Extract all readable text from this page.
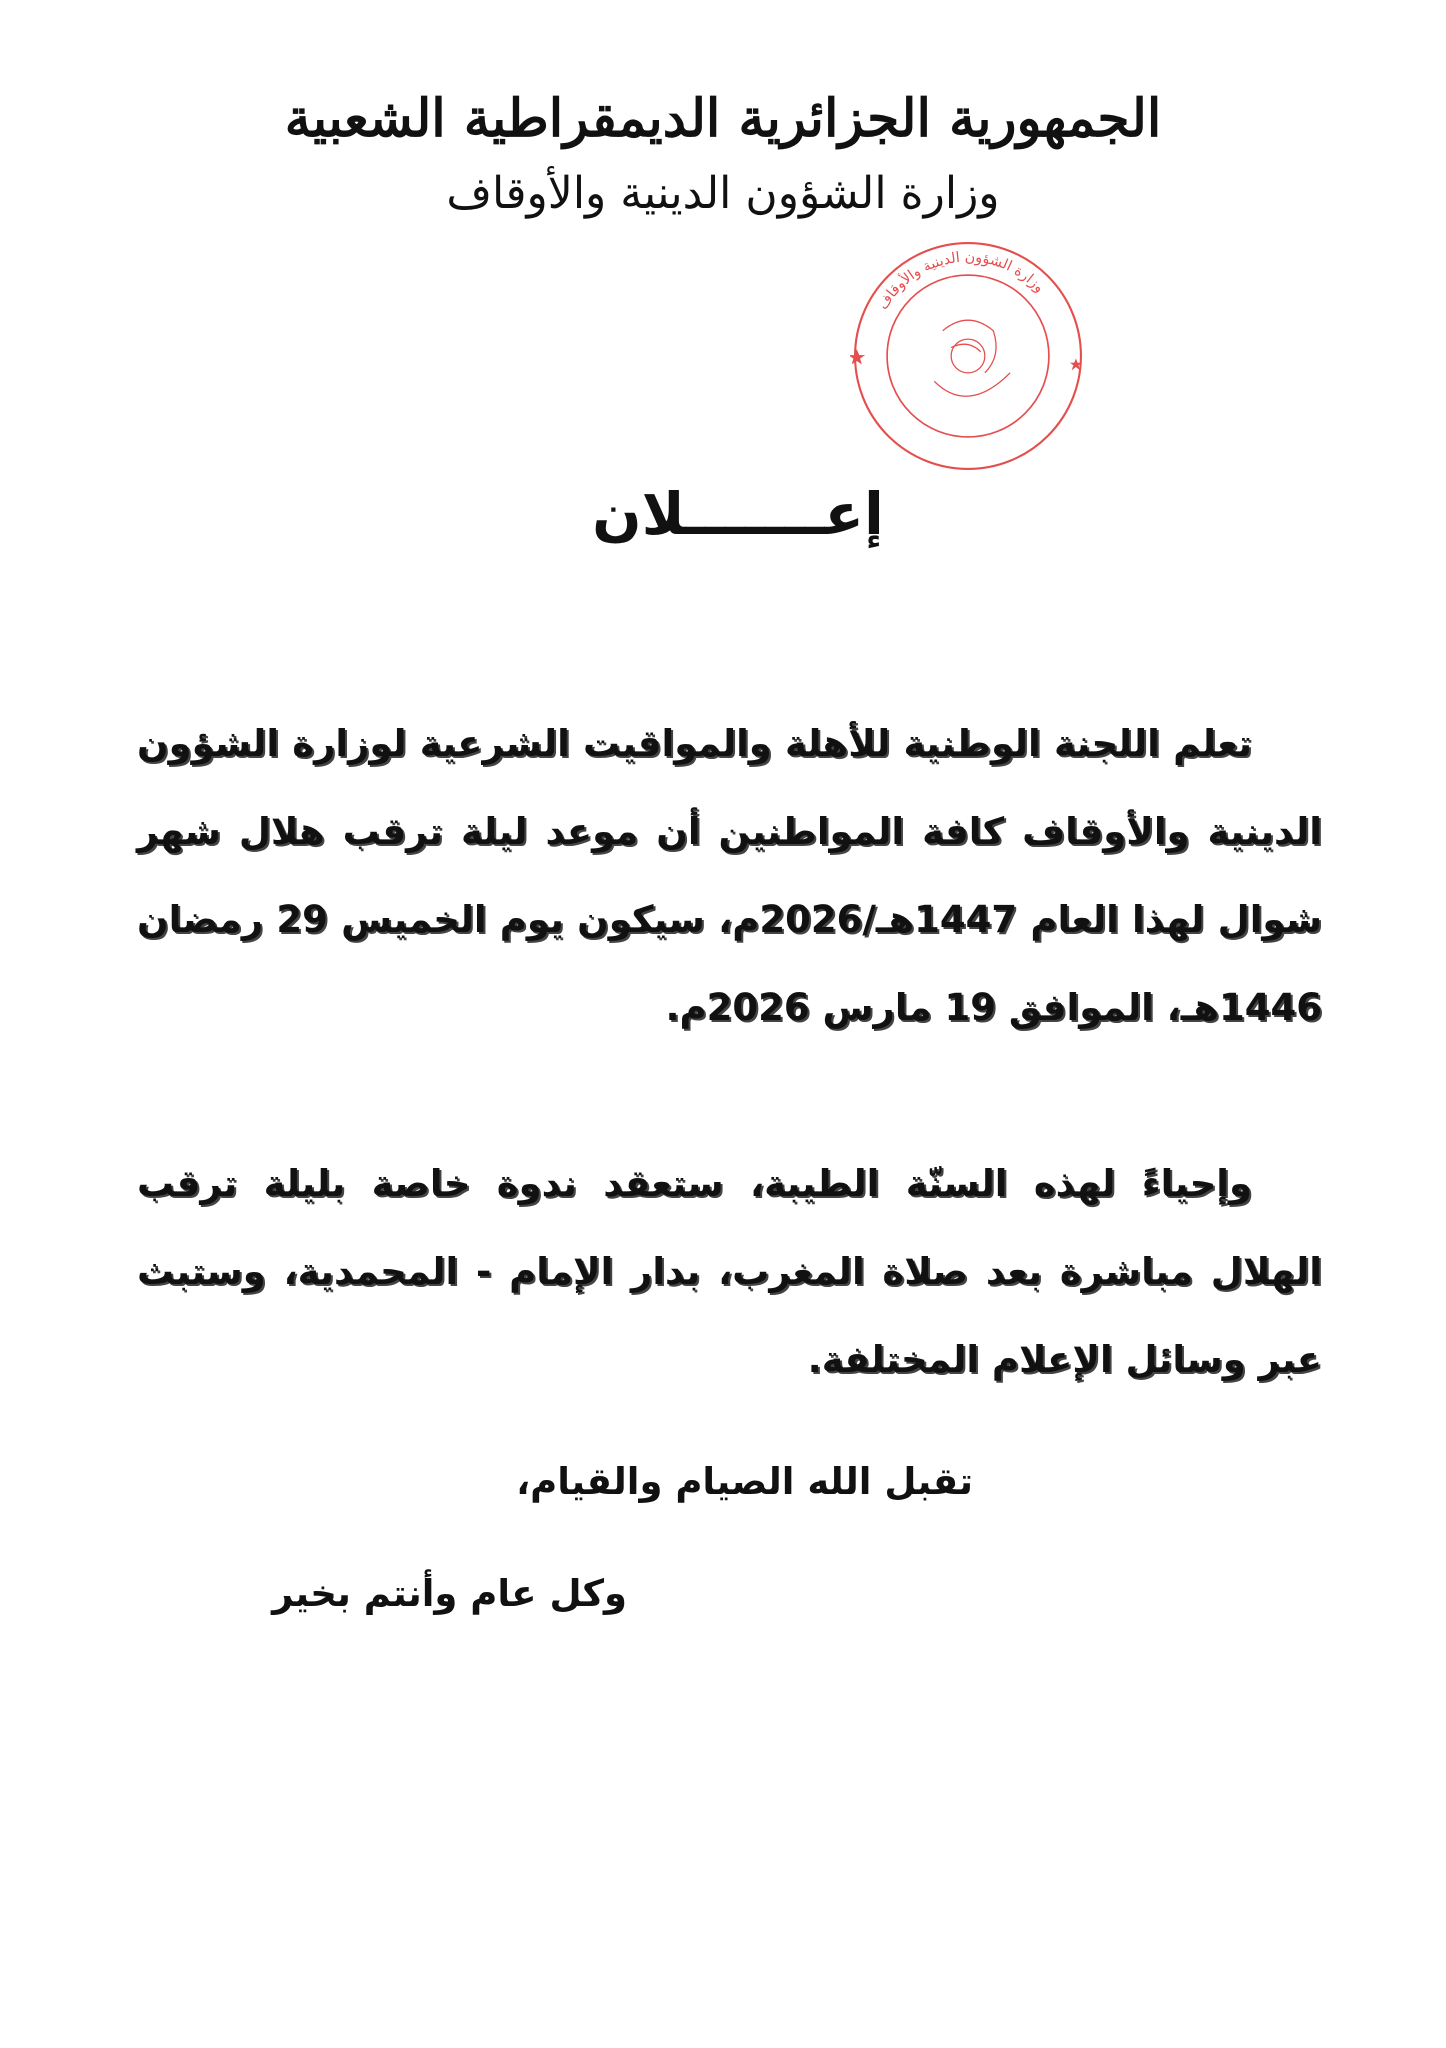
الجمهورية الجزائرية الديمقراطية الشعبية
وزارة الشؤون الدينية والأوقاف
وزارة الشؤون الدينية والأوقاف
إعـــــــلان
تعلم اللجنة الوطنية للأهلة والمواقيت الشرعية لوزارة الشؤون الدينية والأوقاف كافة المواطنين أن موعد ليلة ترقب هلال شهر شوال لهذا العام 1447هـ/2026م، سيكون يوم الخميس 29 رمضان 1446هـ، الموافق 19 مارس 2026م.
وإحياءً لهذه السنّة الطيبة، ستعقد ندوة خاصة بليلة ترقب الهلال مباشرة بعد صلاة المغرب، بدار الإمام - المحمدية، وستبث عبر وسائل الإعلام المختلفة.
تقبل الله الصيام والقيام،
وكل عام وأنتم بخير
